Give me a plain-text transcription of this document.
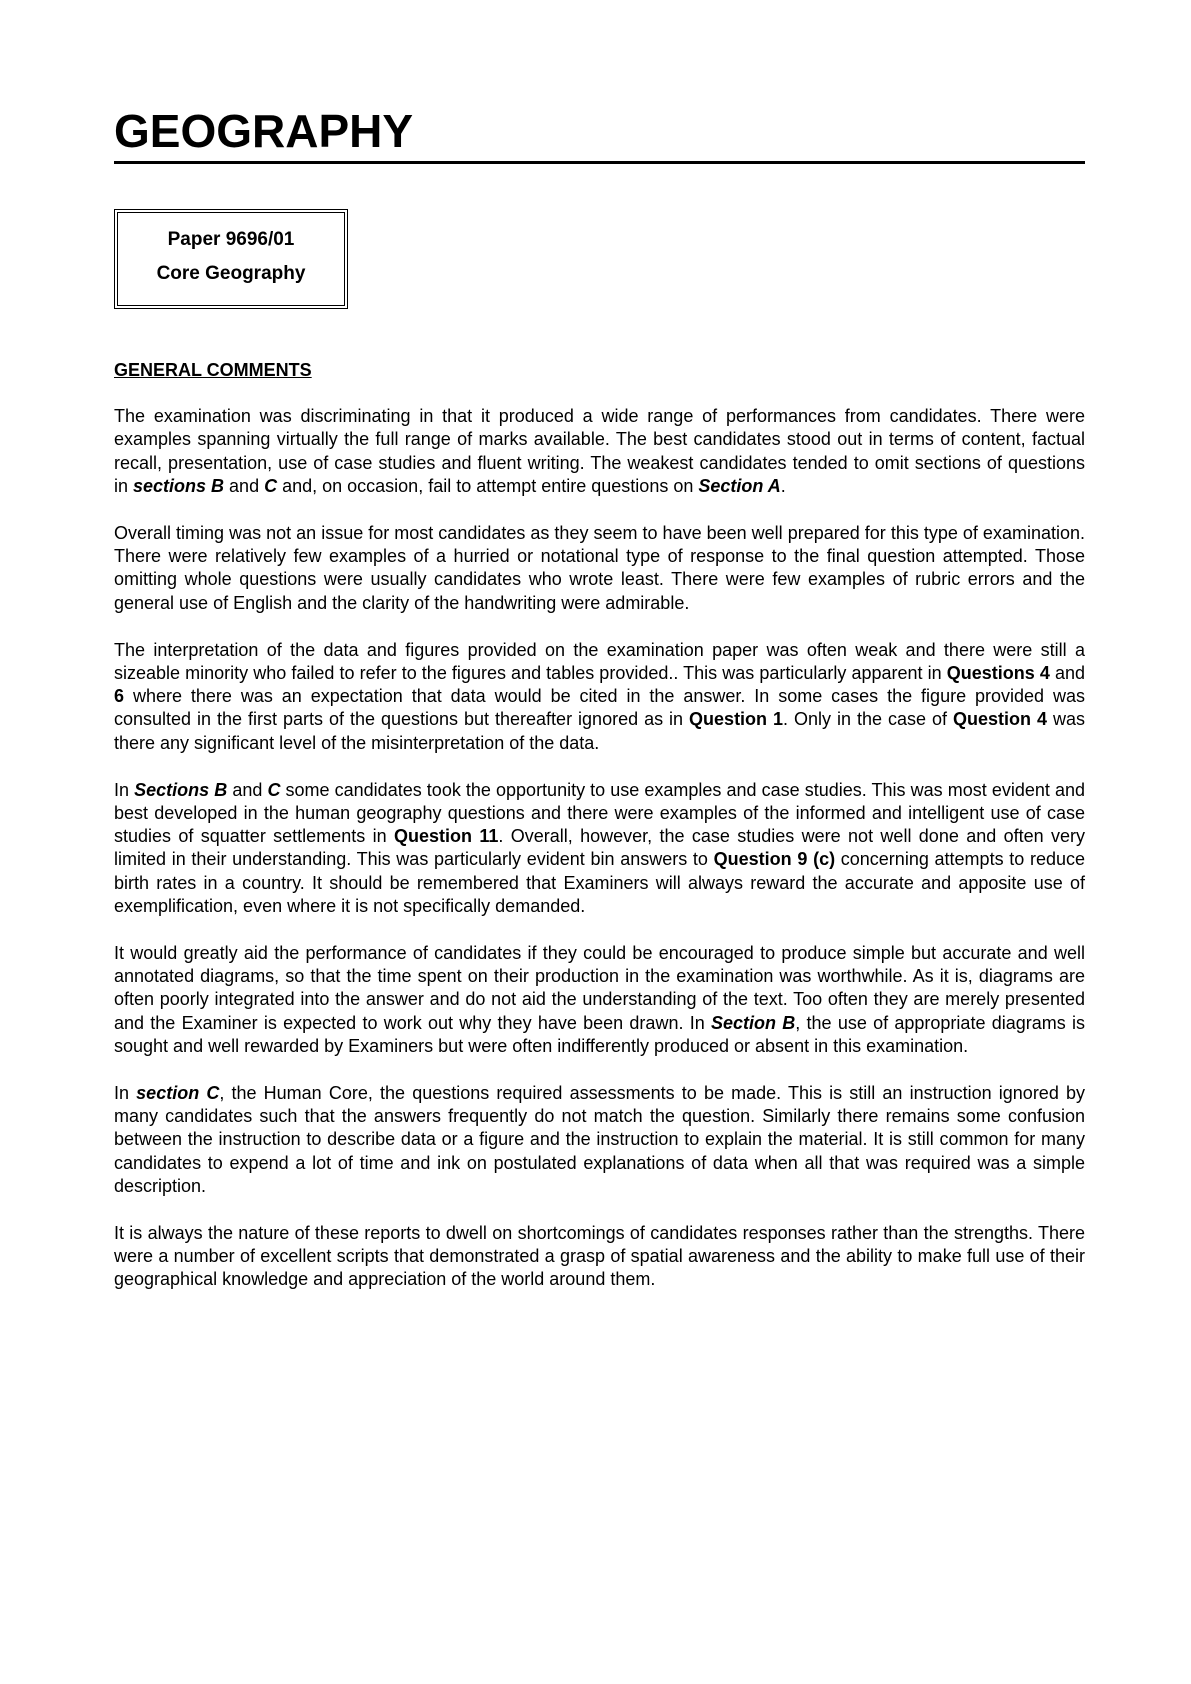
GEOGRAPHY
Paper 9696/01
Core Geography
GENERAL COMMENTS

The examination was discriminating in that it produced a wide range of performances from candidates. There were examples spanning virtually the full range of marks available. The best candidates stood out in terms of content, factual recall, presentation, use of case studies and fluent writing. The weakest candidates tended to omit sections of questions in sections B and C and, on occasion, fail to attempt entire questions on Section A.

Overall timing was not an issue for most candidates as they seem to have been well prepared for this type of examination. There were relatively few examples of a hurried or notational type of response to the final question attempted. Those omitting whole questions were usually candidates who wrote least. There were few examples of rubric errors and the general use of English and the clarity of the handwriting were admirable.

The interpretation of the data and figures provided on the examination paper was often weak and there were still a sizeable minority who failed to refer to the figures and tables provided.. This was particularly apparent in Questions 4 and 6 where there was an expectation that data would be cited in the answer. In some cases the figure provided was consulted in the first parts of the questions but thereafter ignored as in Question 1. Only in the case of Question 4 was there any significant level of the misinterpretation of the data.

In Sections B and C some candidates took the opportunity to use examples and case studies. This was most evident and best developed in the human geography questions and there were examples of the informed and intelligent use of case studies of squatter settlements in Question 11. Overall, however, the case studies were not well done and often very limited in their understanding. This was particularly evident bin answers to Question 9 (c) concerning attempts to reduce birth rates in a country. It should be remembered that Examiners will always reward the accurate and apposite use of exemplification, even where it is not specifically demanded.

It would greatly aid the performance of candidates if they could be encouraged to produce simple but accurate and well annotated diagrams, so that the time spent on their production in the examination was worthwhile. As it is, diagrams are often poorly integrated into the answer and do not aid the understanding of the text. Too often they are merely presented and the Examiner is expected to work out why they have been drawn. In Section B, the use of appropriate diagrams is sought and well rewarded by Examiners but were often indifferently produced or absent in this examination.

In section C, the Human Core, the questions required assessments to be made. This is still an instruction ignored by many candidates such that the answers frequently do not match the question. Similarly there remains some confusion between the instruction to describe data or a figure and the instruction to explain the material. It is still common for many candidates to expend a lot of time and ink on postulated explanations of data when all that was required was a simple description.

It is always the nature of these reports to dwell on shortcomings of candidates responses rather than the strengths. There were a number of excellent scripts that demonstrated a grasp of spatial awareness and the ability to make full use of their geographical knowledge and appreciation of the world around them.
